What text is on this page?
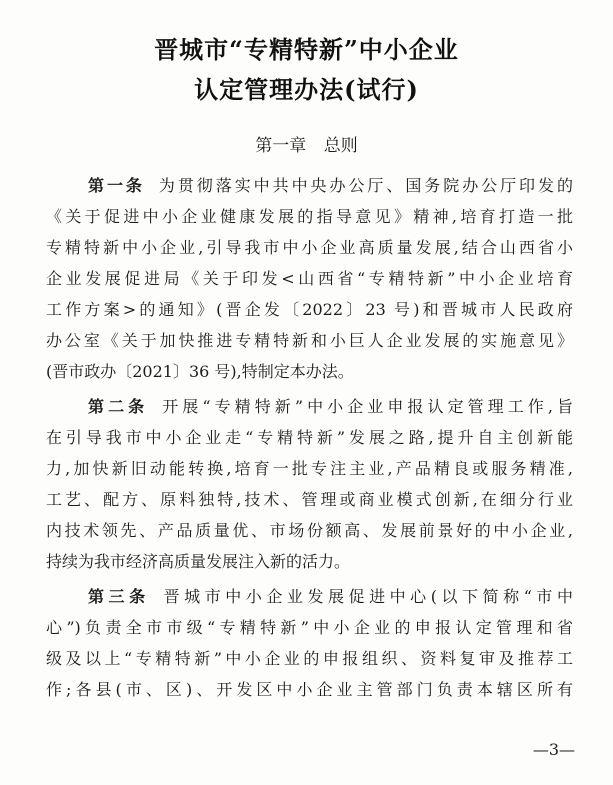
晋城市“专精特新”中小企业
认定管理办法(试行)
第一章 总则
第一条 为贯彻落实中共中央办公厅、国务院办公厅印发的
《关于促进中小企业健康发展的指导意见》精神,培育打造一批
专精特新中小企业,引导我市中小企业高质量发展,结合山西省小
企业发展促进局《关于印发<山西省“专精特新”中小企业培育
工作方案>的通知》(晋企发〔2022〕23 号)和晋城市人民政府
办公室《关于加快推进专精特新和小巨人企业发展的实施意见》
(晋市政办〔2021〕36 号),特制定本办法。
第二条 开展“专精特新”中小企业申报认定管理工作,旨
在引导我市中小企业走“专精特新”发展之路,提升自主创新能
力,加快新旧动能转换,培育一批专注主业,产品精良或服务精准,
工艺、配方、原料独特,技术、管理或商业模式创新,在细分行业
内技术领先、产品质量优、市场份额高、发展前景好的中小企业,
持续为我市经济高质量发展注入新的活力。
第三条 晋城市中小企业发展促进中心(以下简称“市中
心”)负责全市市级“专精特新”中小企业的申报认定管理和省
级及以上“专精特新”中小企业的申报组织、资料复审及推荐工
作;各县(市、区)、开发区中小企业主管部门负责本辖区所有
—3—
